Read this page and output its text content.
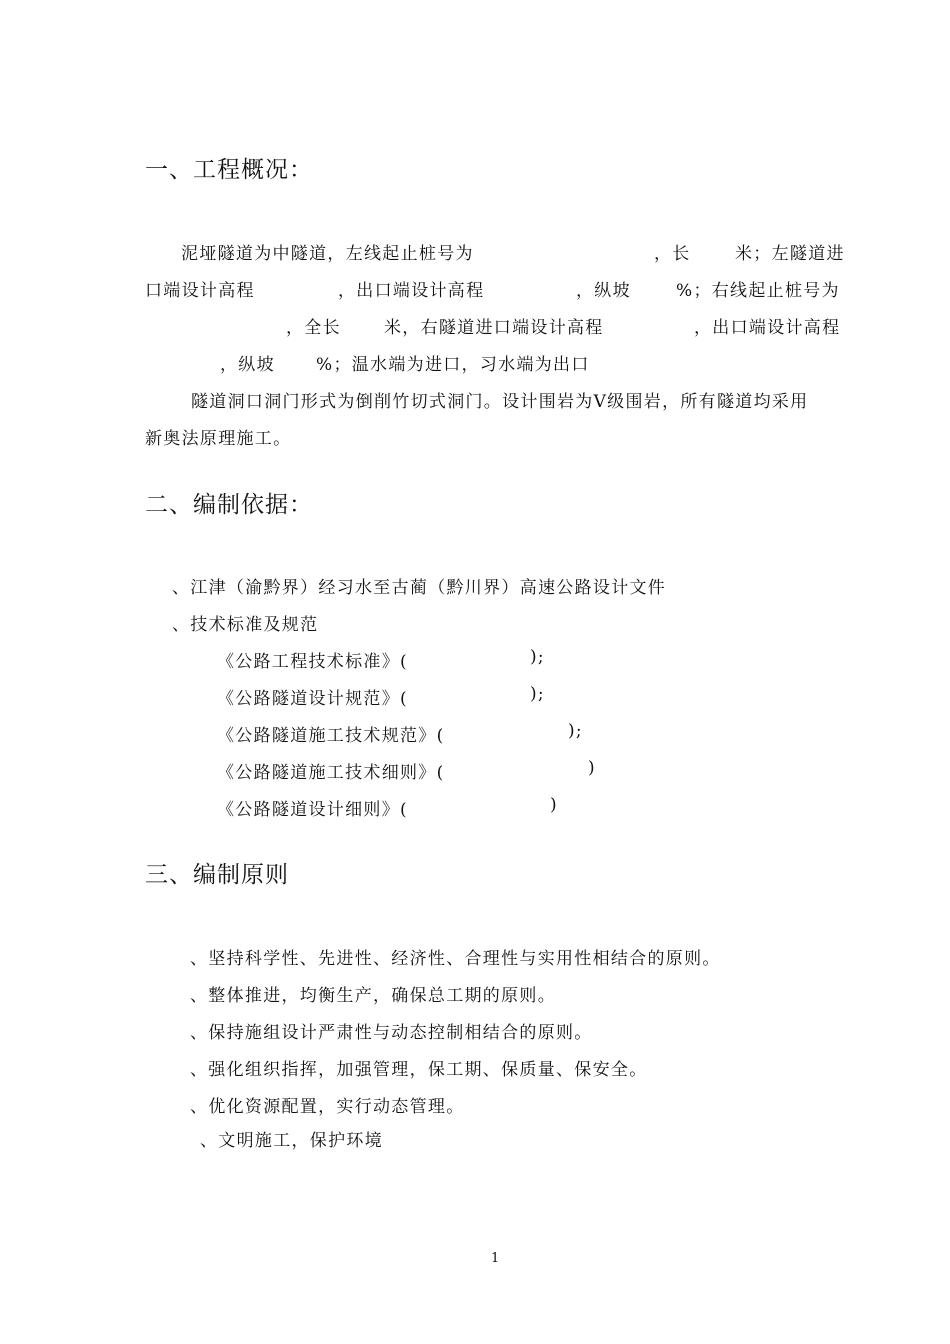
一、工程概况：
泥垭隧道为中隧道，左线起止桩号为	，长	米；左隧道进
口端设计高程	，出口端设计高程	，纵坡	%；右线起止桩号为
，全长	米，右隧道进口端设计高程	，出口端设计高程
，纵坡 %；温水端为进口，习水端为出口
隧道洞口洞门形式为倒削竹切式洞门。设计围岩为Ⅴ级围岩，所有隧道均采用
新奥法原理施工。
二、编制依据：
、江津（渝黔界）经习水至古蔺（黔川界）高速公路设计文件
、技术标准及规范
《公路工程技术标准》(	);
《公路隧道设计规范》(	);
《公路隧道施工技术规范》(	);
《公路隧道施工技术细则》(	)
《公路隧道设计细则》(	)
三、编制原则
、坚持科学性、先进性、经济性、合理性与实用性相结合的原则。
、整体推进，均衡生产，确保总工期的原则。
、保持施组设计严肃性与动态控制相结合的原则。
、强化组织指挥，加强管理，保工期、保质量、保安全。
、优化资源配置，实行动态管理。
、文明施工，保护环境
1
